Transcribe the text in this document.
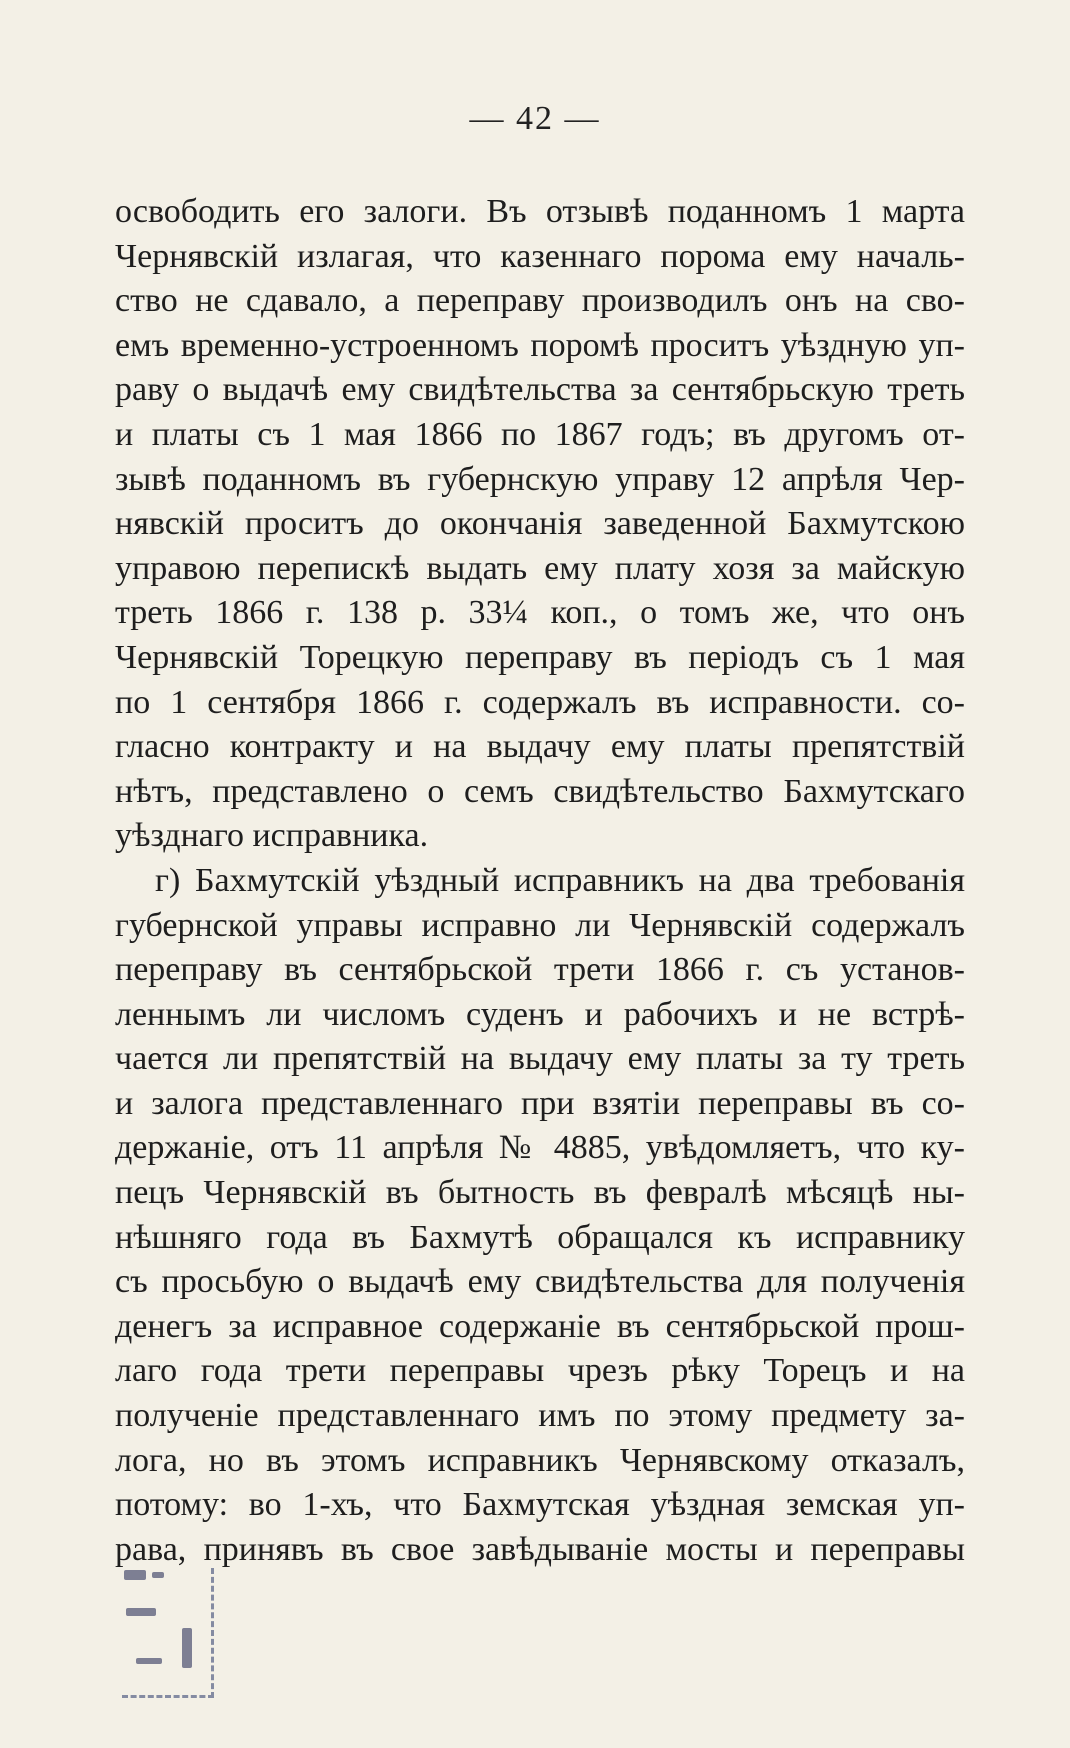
— 42 —
освободить его залоги. Въ отзывѣ поданномъ 1 марта
Чернявскій излагая, что казеннаго порома ему началь-
ство не сдавало, а переправу производилъ онъ на сво-
емъ временно-устроенномъ поромѣ проситъ уѣздную уп-
раву о выдачѣ ему свидѣтельства за сентябрьскую треть
и платы съ 1 мая 1866 по 1867 годъ; въ другомъ от-
зывѣ поданномъ въ губернскую управу 12 апрѣля Чер-
нявскій проситъ до окончанія заведенной Бахмутскою
управою перепискѣ выдать ему плату хозя за майскую
треть 1866 г. 138 р. 33¼ коп., о томъ же, что онъ
Чернявскій Торецкую переправу въ періодъ съ 1 мая
по 1 сентября 1866 г. содержалъ въ исправности. со-
гласно контракту и на выдачу ему платы препятствій
нѣтъ, представлено о семъ свидѣтельство Бахмутскаго
уѣзднаго исправника.
г) Бахмутскій уѣздный исправникъ на два требованія
губернской управы исправно ли Чернявскій содержалъ
переправу въ сентябрьской трети 1866 г. съ установ-
леннымъ ли числомъ суденъ и рабочихъ и не встрѣ-
чается ли препятствій на выдачу ему платы за ту треть
и залога представленнаго при взятіи переправы въ со-
держаніе, отъ 11 апрѣля № 4885, увѣдомляетъ, что ку-
пецъ Чернявскій въ бытность въ февралѣ мѣсяцѣ ны-
нѣшняго года въ Бахмутѣ обращался къ исправнику
съ просьбую о выдачѣ ему свидѣтельства для полученія
денегъ за исправное содержаніе въ сентябрьской прош-
лаго года трети переправы чрезъ рѣку Торецъ и на
полученіе представленнаго имъ по этому предмету за-
лога, но въ этомъ исправникъ Чернявскому отказалъ,
потому: во 1-хъ, что Бахмутская уѣздная земская уп-
рава, принявъ въ свое завѣдываніе мосты и переправы
